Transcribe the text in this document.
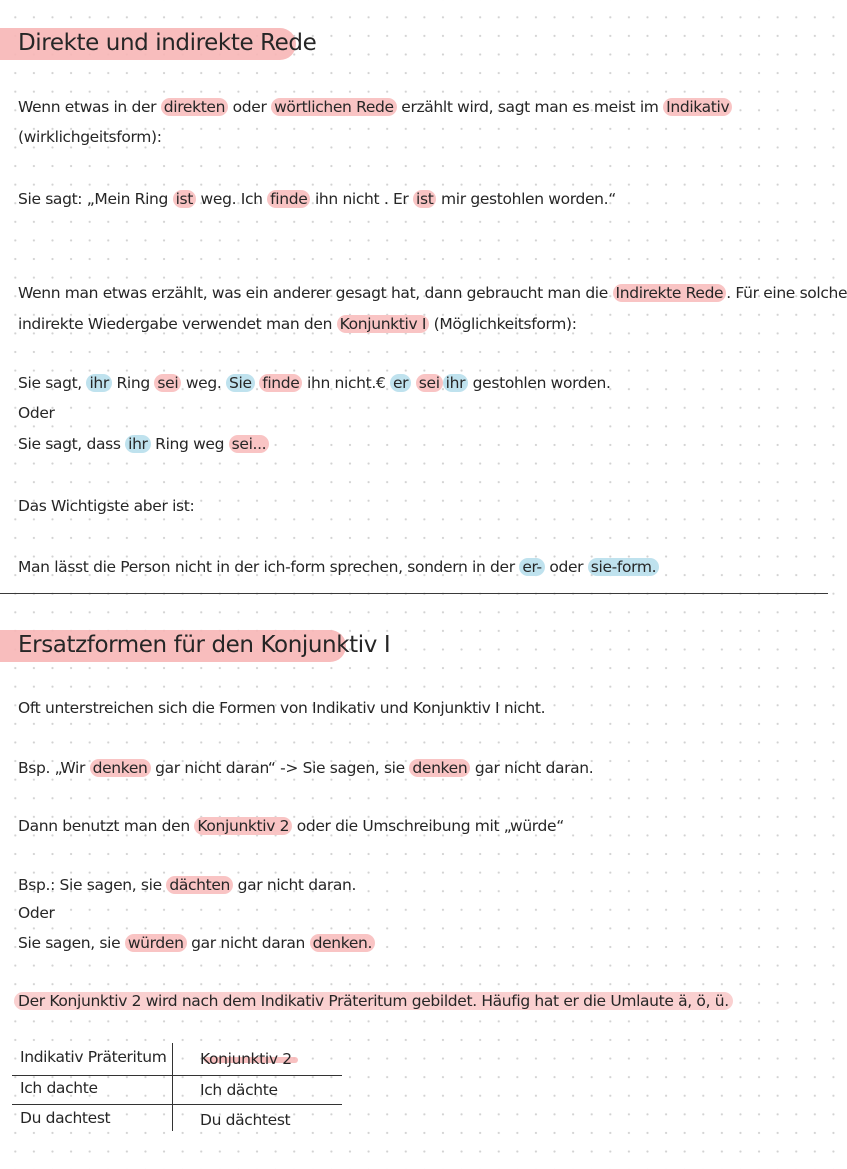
Direkte und indirekte Rede
Wenn etwas in der direkten oder wörtlichen Rede erzählt wird, sagt man es meist im Indikativ
(wirklichgeitsform):
Sie sagt: „Mein Ring ist weg. Ich finde ihn nicht . Er ist mir gestohlen worden.“
Wenn man etwas erzählt, was ein anderer gesagt hat, dann gebraucht man die Indirekte Rede . Für eine solche
indirekte Wiedergabe verwendet man den Konjunktiv I (Möglichkeitsform):
Sie sagt, ihr Ring sei weg. Sie finde ihn nicht.€ er sei ihr gestohlen worden.
Oder
Sie sagt, dass ihr Ring weg sei...
Das Wichtigste aber ist:
Man lässt die Person nicht in der ich-form sprechen, sondern in der er- oder sie-form.
Ersatzformen für den Konjunktiv I
Oft unterstreichen sich die Formen von Indikativ und Konjunktiv I nicht.
Bsp. „Wir denken gar nicht daran“ -> Sie sagen, sie denken gar nicht daran.
Dann benutzt man den Konjunktiv 2 oder die Umschreibung mit „würde“
Bsp.: Sie sagen, sie dächten gar nicht daran.
Oder
Sie sagen, sie würden gar nicht daran denken.
Der Konjunktiv 2 wird nach dem Indikativ Präteritum gebildet. Häufig hat er die Umlaute ä, ö, ü.
Indikativ Präteritum Konjunktiv 2
Ich dachte	Ich dächte
Du dachtest	Du dächtest
